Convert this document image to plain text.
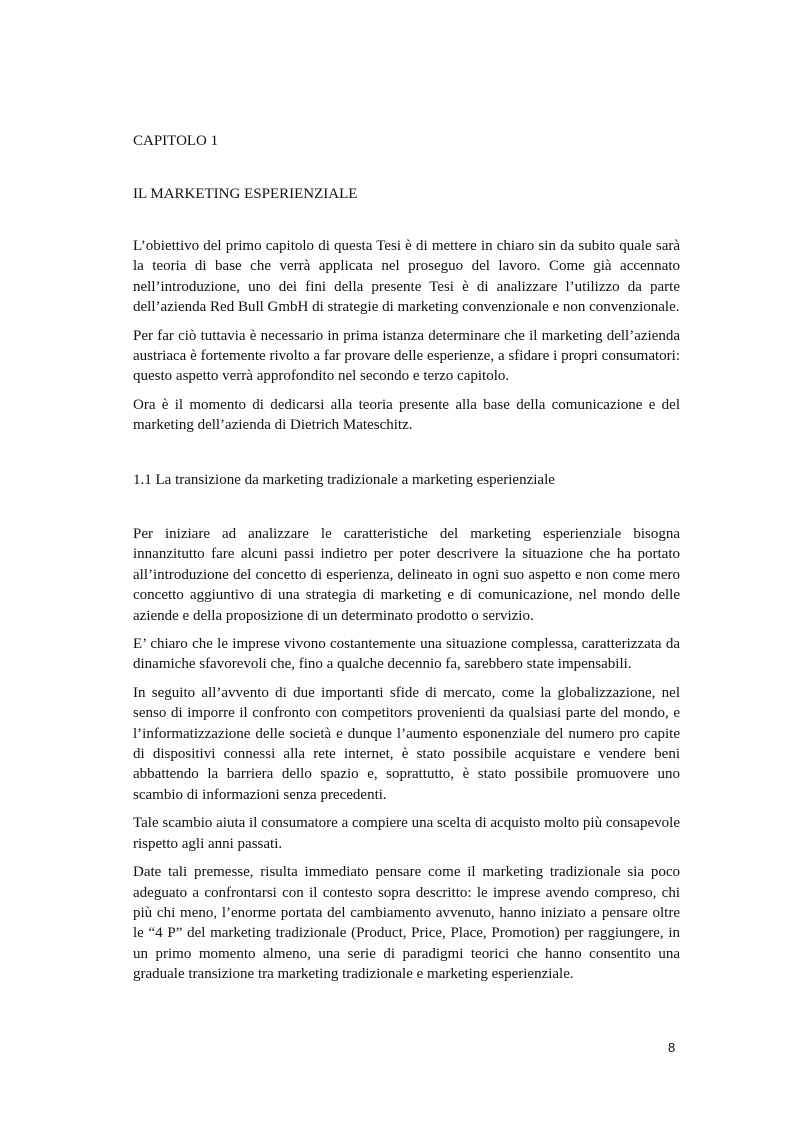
CAPITOLO 1
IL MARKETING ESPERIENZIALE

L’obiettivo del primo capitolo di questa Tesi è di mettere in chiaro sin da subito quale sarà la teoria di base che verrà applicata nel proseguo del lavoro. Come già accennato nell’introduzione, uno dei fini della presente Tesi è di analizzare l’utilizzo da parte dell’azienda Red Bull GmbH di strategie di marketing convenzionale e non convenzionale.

Per far ciò tuttavia è necessario in prima istanza determinare che il marketing dell’azienda austriaca è fortemente rivolto a far provare delle esperienze, a sfidare i propri consumatori: questo aspetto verrà approfondito nel secondo e terzo capitolo.

Ora è il momento di dedicarsi alla teoria presente alla base della comunicazione e del marketing dell’azienda di Dietrich Mateschitz.

1.1 La transizione da marketing tradizionale a marketing esperienziale

Per iniziare ad analizzare le caratteristiche del marketing esperienziale bisogna innanzitutto fare alcuni passi indietro per poter descrivere la situazione che ha portato all’introduzione del concetto di esperienza, delineato in ogni suo aspetto e non come mero concetto aggiuntivo di una strategia di marketing e di comunicazione, nel mondo delle aziende e della proposizione di un determinato prodotto o servizio.

E’ chiaro che le imprese vivono costantemente una situazione complessa, caratterizzata da dinamiche sfavorevoli che, fino a qualche decennio fa, sarebbero state impensabili.

In seguito all’avvento di due importanti sfide di mercato, come la globalizzazione, nel senso di imporre il confronto con competitors provenienti da qualsiasi parte del mondo, e l’informatizzazione delle società e dunque l’aumento esponenziale del numero pro capite di dispositivi connessi alla rete internet, è stato possibile acquistare e vendere beni abbattendo la barriera dello spazio e, soprattutto, è stato possibile promuovere uno scambio di informazioni senza precedenti.

Tale scambio aiuta il consumatore a compiere una scelta di acquisto molto più consapevole rispetto agli anni passati.

Date tali premesse, risulta immediato pensare come il marketing tradizionale sia poco adeguato a confrontarsi con il contesto sopra descritto: le imprese avendo compreso, chi più chi meno, l’enorme portata del cambiamento avvenuto, hanno iniziato a pensare oltre le “4 P” del marketing tradizionale (Product, Price, Place, Promotion) per raggiungere, in un primo momento almeno, una serie di paradigmi teorici che hanno consentito una graduale transizione tra marketing tradizionale e marketing esperienziale.

8
